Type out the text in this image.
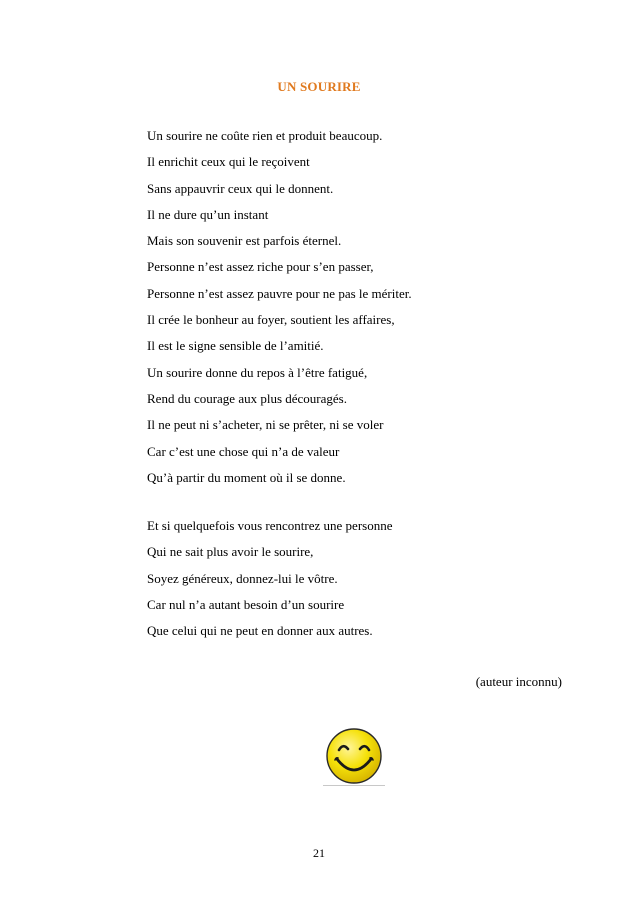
UN SOURIRE
Un sourire ne coûte rien et produit beaucoup.
Il enrichit ceux qui le reçoivent
Sans appauvrir ceux qui le donnent.
Il ne dure qu’un instant
Mais son souvenir est parfois éternel.
Personne n’est assez riche pour s’en passer,
Personne n’est assez pauvre pour ne pas le mériter.
Il crée le bonheur au foyer, soutient les affaires,
Il est le signe sensible de l’amitié.
Un sourire donne du repos à l’être fatigué,
Rend du courage aux plus découragés.
Il ne peut ni s’acheter, ni se prêter, ni se voler
Car c’est une chose qui n’a de valeur
Qu’à partir du moment où il se donne.
Et si quelquefois vous rencontrez une personne
Qui ne sait plus avoir le sourire,
Soyez généreux, donnez-lui le vôtre.
Car nul n’a autant besoin d’un sourire
Que celui qui ne peut en donner aux autres.
(auteur inconnu)
21
